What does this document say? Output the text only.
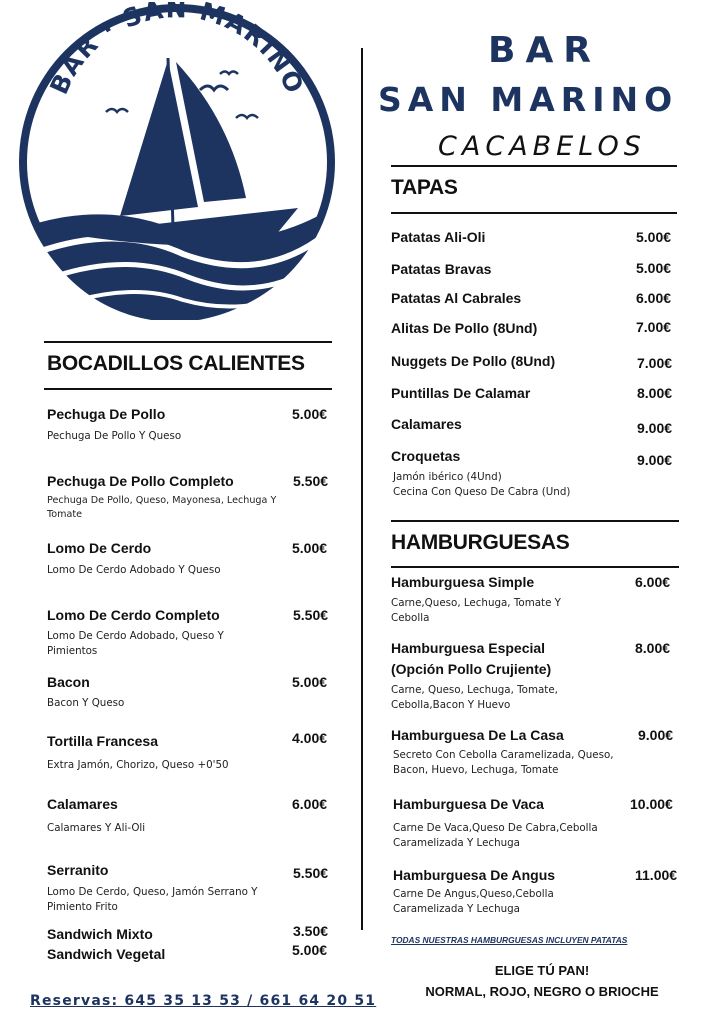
BAR · SAN MARINO
BAR
SAN MARINO
CACABELOS
TAPAS
Patatas Ali-Oli	5.00€
Patatas Bravas	5.00€
Patatas Al Cabrales	6.00€
Alitas De Pollo (8Und)	7.00€
Nuggets De Pollo (8Und)	7.00€
Puntillas De Calamar	8.00€
Calamares	9.00€
Croquetas	9.00€
Jamón ibérico (4Und)
Cecina Con Queso De Cabra (Und)
HAMBURGUESAS
Hamburguesa Simple	6.00€
Carne,Queso, Lechuga, Tomate Y Cebolla
Hamburguesa Especial
(Opción Pollo Crujiente)
8.00€
Carne, Queso, Lechuga, Tomate, Cebolla,Bacon Y Huevo
Hamburguesa De La Casa	9.00€
Secreto Con Cebolla Caramelizada, Queso, Bacon, Huevo, Lechuga, Tomate
Hamburguesa De Vaca	10.00€
Carne De Vaca,Queso De Cabra,Cebolla Caramelizada Y Lechuga
Hamburguesa De Angus	11.00€
Carne De Angus,Queso,Cebolla Caramelizada Y Lechuga
BOCADILLOS CALIENTES
Pechuga De Pollo	5.00€
Pechuga De Pollo Y Queso
Pechuga De Pollo Completo	5.50€
Pechuga De Pollo, Queso, Mayonesa, Lechuga Y Tomate
Lomo De Cerdo	5.00€
Lomo De Cerdo Adobado Y Queso
Lomo De Cerdo Completo	5.50€
Lomo De Cerdo Adobado, Queso Y Pimientos
Bacon	5.00€
Bacon Y Queso
Tortilla Francesa	4.00€
Extra Jamón, Chorizo, Queso +0'50
Calamares	6.00€
Calamares Y Ali-Oli
Serranito	5.50€
Lomo De Cerdo, Queso, Jamón Serrano Y Pimiento Frito
Sandwich Mixto	3.50€
Sandwich Vegetal	5.00€
TODAS NUESTRAS HAMBURGUESAS INCLUYEN PATATAS
ELIGE TÚ PAN!
NORMAL, ROJO, NEGRO O BRIOCHE
Reservas: 645 35 13 53 / 661 64 20 51
